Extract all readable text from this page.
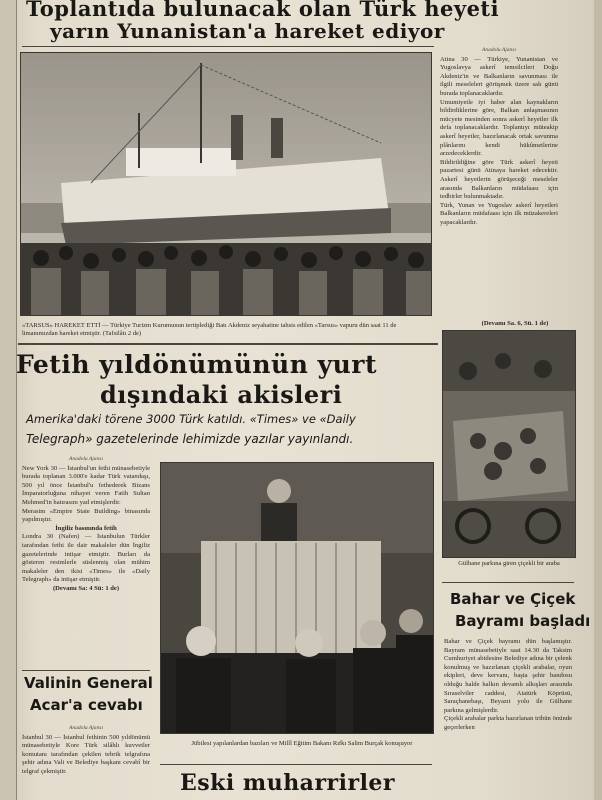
Toplantıda bulunacak olan Türk heyeti
yarın Yunanistan'a hareket ediyor
«TARSUS» HAREKET ETTİ — Türkiye Turizm Kurumunun tertiplediği Batı Akdeniz seyahatine tahsis edilen «Tarsus» vapuru dün saat 11 de limanımızdan hareket etmiştir. (Tafsilâtı 2 de)
Anadolu Ajansı

Atina 30 — Türkiye, Yunanistan ve Yugoslavya askerî temsilcileri Doğu Akdeniz'in ve Balkanların savunması ile ilgili meseleleri görüşmek üzere salı günü burada toplanacaklardır.

Umumiyetle iyi haber alan kaynakların bildirdiklerine göre, Balkan anlaşmasının mücyete mesinden sonra askerî heyetler ilk defa toplanacaklardır. Toplantıyı müteakip askerî heyetler, hazırlanacak ortak savunma plânlarını kendi hükûmetlerine arzedeceklerdir.

Bildirildiğine göre Türk askerî heyeti pazartesi günü Atinaya hareket edecektir. Askerî heyetlerin görüşeceği meseleler arasında Balkanların müdafaası için tedbirler bulunmaktadır.

Türk, Yunan ve Yugoslav askerî heyetleri Balkanların müdafaası için ilk müzakereleri yapacaklardır.

(Devamı Sa. 6, Sü. 1 de)
Fetih yıldönümünün yurt
dışındaki akisleri
Amerika'daki törene 3000 Türk katıldı. «Times» ve «Daily
Telegraph» gazetelerinde lehimizde yazılar yayınlandı.
Anadolu Ajansı

New York 30 — İstanbul'un fethi münasebetiyle burada toplanan 3.000'e kadar Türk vatandaşı, 500 yıl önce İstanbul'u fethederek Bizans İmparatorluğuna nihayet veren Fatih Sultan Mehmed'in hatırasını yad etmişlerdir.

Merasim «Empire State Building» binasında yapılmıştır.

İngiliz basınında fetih

Londra 30 (Nafen) — İstanbulun Türkler tarafından fethi ile dair makaleler dün İngiliz gazetelerinde intişar etmiştir. Burları da gösteren resimlerle süslenmiş olan mühim makaleler den ikisi «Times» ile «Daily Telegraph» da intişar etmiştir.

(Devamı Sa: 4 Sü: 1 de)

Valinin General
Acar'a cevabı
Anadolu Ajansı

İstanbul 30 — İstanbul fethinin 500 yıldönümü münasebetiyle Kore Türk silâhlı kuvvetler komutanı tarafından çekilen tebrik telgrafına şehir adına Vali ve Belediye başkanı cevabî bir telgraf çekmiştir.

Jübilesi yapılanlardan bazıları ve Millî Eğitim Bakanı Rıfkı Salim Burçak konuşuyor
Eski muharrirler
Gülhane parkına giren çiçekli bir araba
Bahar ve Çiçek
Bayramı başladı

Bahar ve Çiçek bayramı dün başlamıştır. Bayram münasebetiyle saat 14.30 da Taksim Cumhuriyet abidesine Belediye adına bir çelenk konulmuş ve hazırlanan çiçekli arabalar, oyun ekipleri, deve kervanı, başta şehir bandosu olduğu halde halkın devamlı alkışları arasında Sıraselviler caddesi, Atatürk Köprüsü, Saraçhanebaşı, Beyazıt yolu ile Gülhane parkına gelmişlerdir.

Çiçekli arabalar parkta hazırlanan tribün önünde geçerlerken
